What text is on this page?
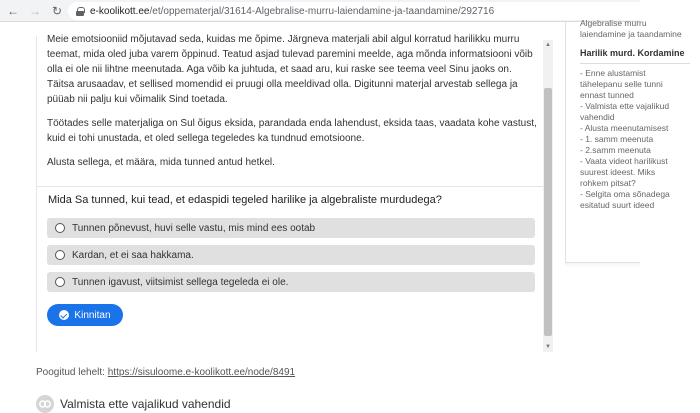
← → ↻	e-koolikott.ee /et/oppematerjal/31614-Algebralise-murru-laiendamine-ja-taandamine/292716

Meie emotsiooniid mõjutavad seda, kuidas me õpime. Järgneva materjali abil algul korratud harilikku murru teemat, mida oled juba varem õppinud. Teatud asjad tulevad paremini meelde, aga mõnda informatsiooni võib olla ei ole nii lihtne meenutada. Aga võib ka juhtuda, et saad aru, kui raske see teema veel Sinu jaoks on. Täitsa arusaadav, et sellised momendid ei pruugi olla meeldivad olla. Digitunni materjal arvestab sellega ja püüab nii palju kui võimalik Sind toetada.

Töötades selle materjaliga on Sul õigus eksida, parandada enda lahendust, eksida taas, vaadata kohe vastust, kuid ei tohi unustada, et oled sellega tegeledes ka tundnud emotsioone.

Alusta sellega, et määra, mida tunned antud hetkel.

Mida Sa tunned, kui tead, et edaspidi tegeled harilike ja algebraliste murdudega?
Tunnen põnevust, huvi selle vastu, mis mind ees ootab
Kardan, et ei saa hakkama.
Tunnen igavust, viitsimist sellega tegeleda ei ole.
Kinnitan
▲
▼
Poogitud lehelt: https://sisuloome.e-koolikott.ee/node/8491
Valmista ette vajalikud vahendid
Algebralise murru
laiendamine ja taandamine
Harilik murd. Kordamine
- Enne alustamist
tähelepanu selle tunni
ennast tunned
- Valmista ette vajalikud
vahendid
- Alusta meenutamisest
- 1. samm meenuta
- 2.samm meenuta
- Vaata videot harilikust
suurest ideest. Miks
rohkem pitsat?
- Selgita oma sõnadega
esitatud suurt ideed
